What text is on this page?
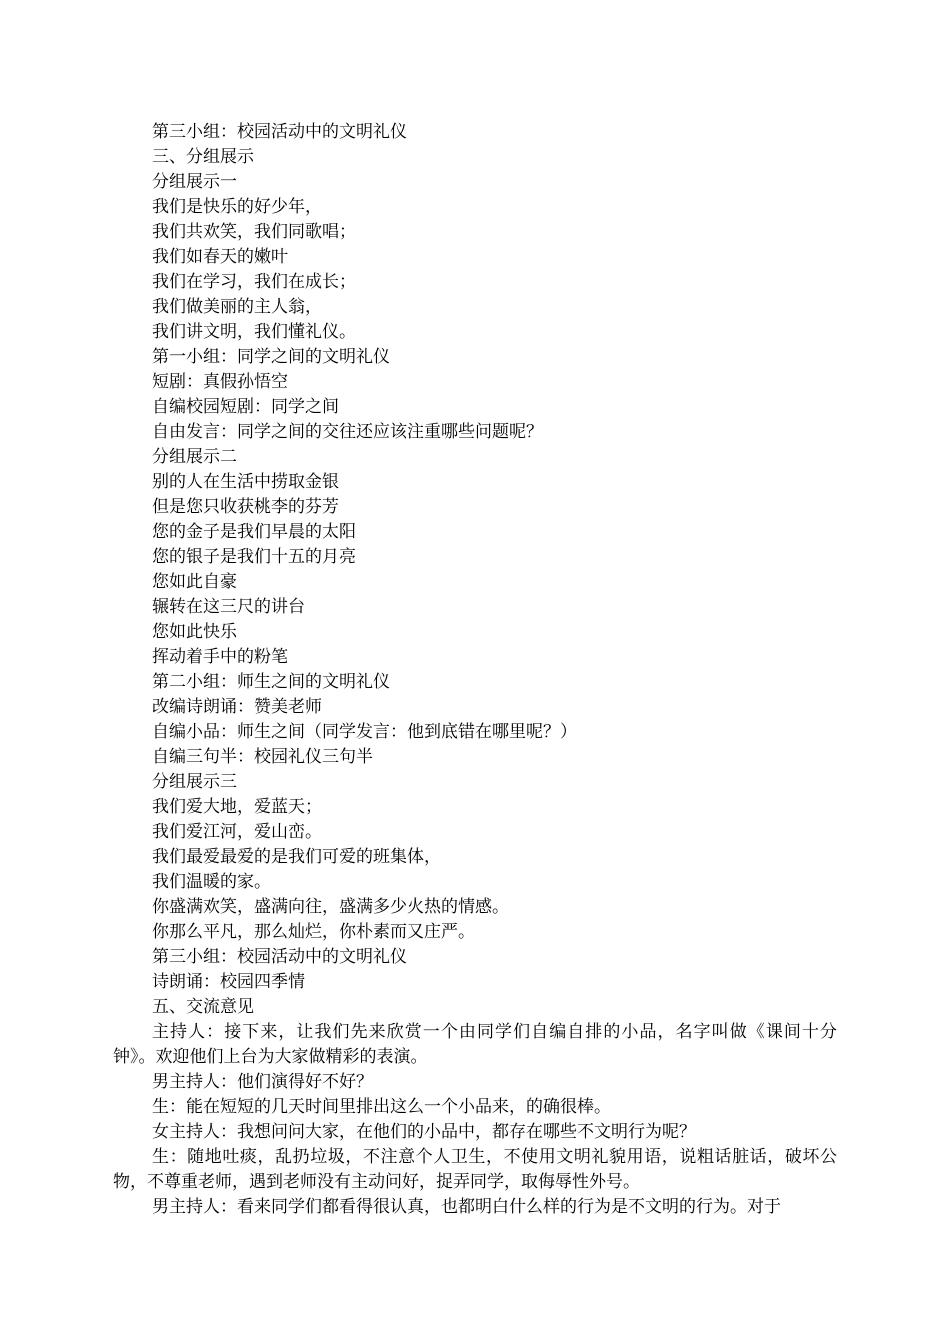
第三小组：校园活动中的文明礼仪

三、分组展示

分组展示一

我们是快乐的好少年，

我们共欢笑，我们同歌唱；

我们如春天的嫩叶

我们在学习，我们在成长；

我们做美丽的主人翁，

我们讲文明，我们懂礼仪。

第一小组：同学之间的文明礼仪

短剧：真假孙悟空

自编校园短剧：同学之间

自由发言：同学之间的交往还应该注重哪些问题呢？

分组展示二

别的人在生活中捞取金银

但是您只收获桃李的芬芳

您的金子是我们早晨的太阳

您的银子是我们十五的月亮

您如此自豪

辗转在这三尺的讲台

您如此快乐

挥动着手中的粉笔

第二小组：师生之间的文明礼仪

改编诗朗诵：赞美老师

自编小品：师生之间（同学发言：他到底错在哪里呢？）

自编三句半：校园礼仪三句半

分组展示三

我们爱大地，爱蓝天；

我们爱江河，爱山峦。

我们最爱最爱的是我们可爱的班集体，

我们温暖的家。

你盛满欢笑，盛满向往，盛满多少火热的情感。

你那么平凡，那么灿烂，你朴素而又庄严。

第三小组：校园活动中的文明礼仪

诗朗诵：校园四季情

五、交流意见

主持人：接下来，让我们先来欣赏一个由同学们自编自排的小品，名字叫做《课间十分钟》。欢迎他们上台为大家做精彩的表演。

男主持人：他们演得好不好？

生：能在短短的几天时间里排出这么一个小品来，的确很棒。

女主持人：我想问问大家，在他们的小品中，都存在哪些不文明行为呢？

生：随地吐痰，乱扔垃圾，不注意个人卫生，不使用文明礼貌用语，说粗话脏话，破坏公物，不尊重老师，遇到老师没有主动问好，捉弄同学，取侮辱性外号。

男主持人：看来同学们都看得很认真，也都明白什么样的行为是不文明的行为。对于
